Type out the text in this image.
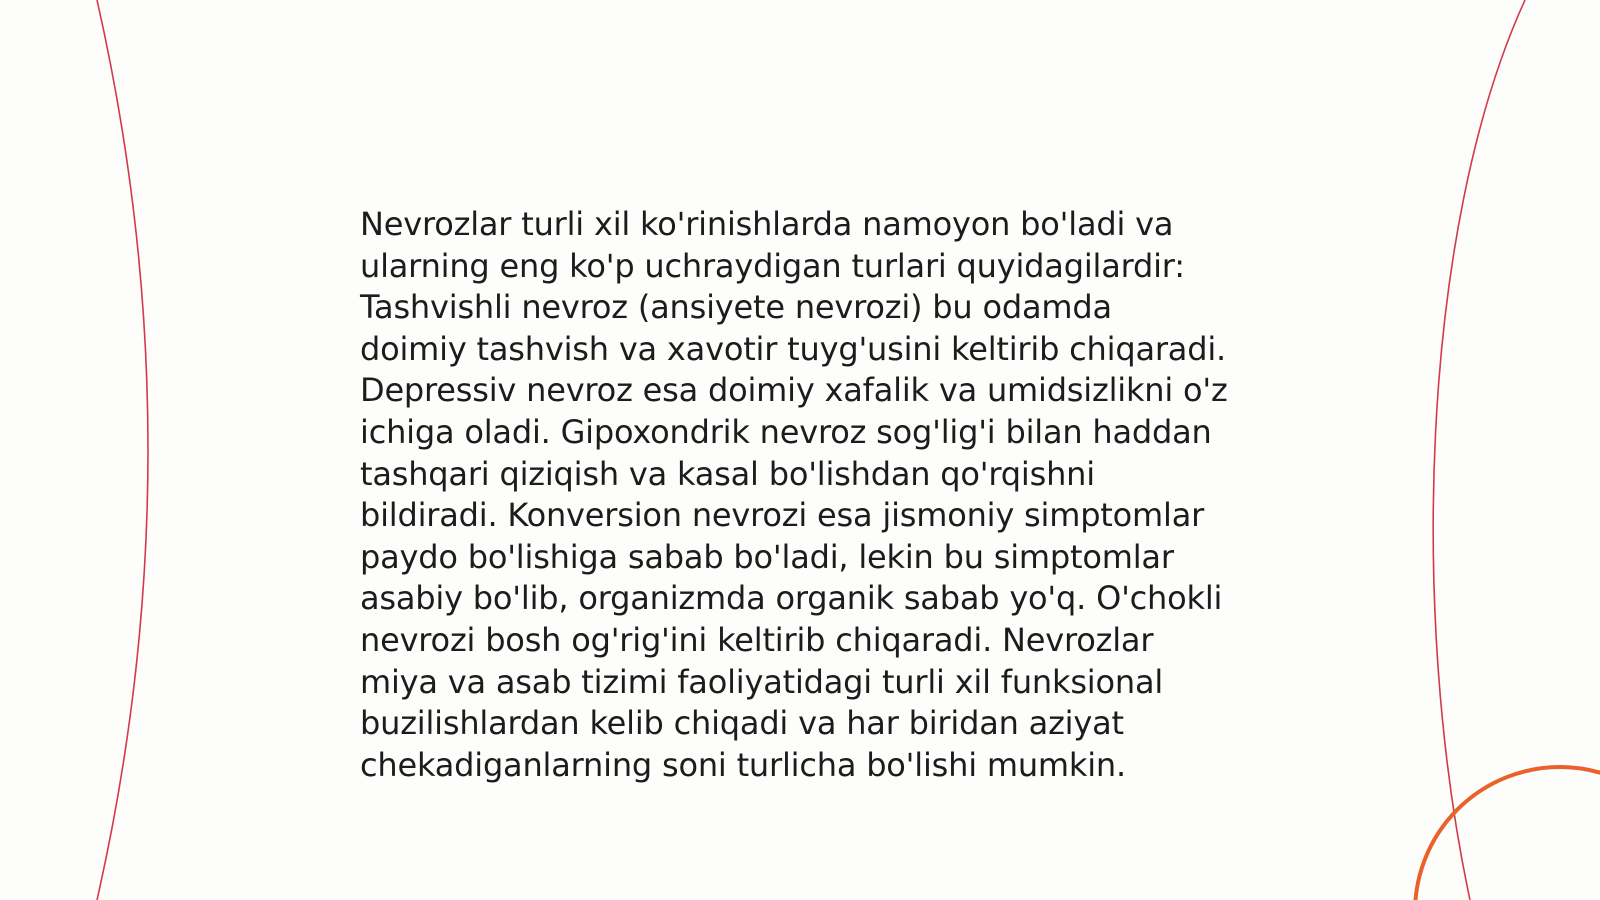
Nevrozlar turli xil ko'rinishlarda namoyon bo'ladi va
ularning eng ko'p uchraydigan turlari quyidagilardir:
Tashvishli nevroz (ansiyete nevrozi) bu odamda
doimiy tashvish va xavotir tuyg'usini keltirib chiqaradi.
Depressiv nevroz esa doimiy xafalik va umidsizlikni o'z
ichiga oladi. Gipoxondrik nevroz sog'lig'i bilan haddan
tashqari qiziqish va kasal bo'lishdan qo'rqishni
bildiradi. Konversion nevrozi esa jismoniy simptomlar
paydo bo'lishiga sabab bo'ladi, lekin bu simptomlar
asabiy bo'lib, organizmda organik sabab yo'q. O'chokli
nevrozi bosh og'rig'ini keltirib chiqaradi. Nevrozlar
miya va asab tizimi faoliyatidagi turli xil funksional
buzilishlardan kelib chiqadi va har biridan aziyat
chekadiganlarning soni turlicha bo'lishi mumkin.
